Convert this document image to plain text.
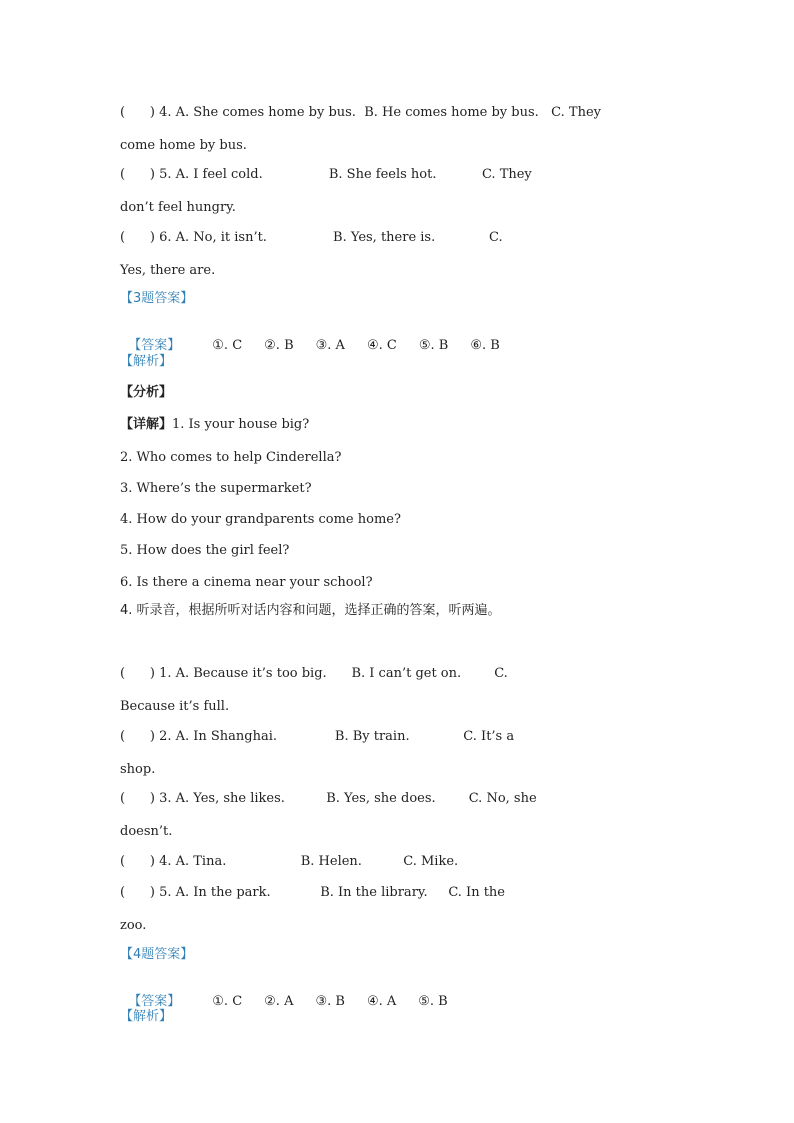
(      ) 4. A. She comes home by bus.  B. He comes home by bus.   C. They
come home by bus.
(      ) 5. A. I feel cold.                B. She feels hot.           C. They
don’t feel hungry.
(      ) 6. A. No, it isn’t.                B. Yes, there is.             C.
Yes, there are.
【3题答案】

【答案】 ①. C ②. B ③. A ④. C ⑤. B ⑥. B

【解析】
【分析】
【详解】1. Is your house big?
2. Who comes to help Cinderella?
3. Where’s the supermarket?
4. How do your grandparents come home?
5. How does the girl feel?
6. Is there a cinema near your school?
4. 听录音，根据所听对话内容和问题，选择正确的答案，听两遍。
(      ) 1. A. Because it’s too big.      B. I can’t get on.        C.
Because it’s full.
(      ) 2. A. In Shanghai.              B. By train.             C. It’s a
shop.
(      ) 3. A. Yes, she likes.          B. Yes, she does.        C. No, she
doesn’t.
(      ) 4. A. Tina.                  B. Helen.          C. Mike.
(      ) 5. A. In the park.            B. In the library.     C. In the
zoo.
【4题答案】

【答案】 ①. C ②. A ③. B ④. A ⑤. B

【解析】
